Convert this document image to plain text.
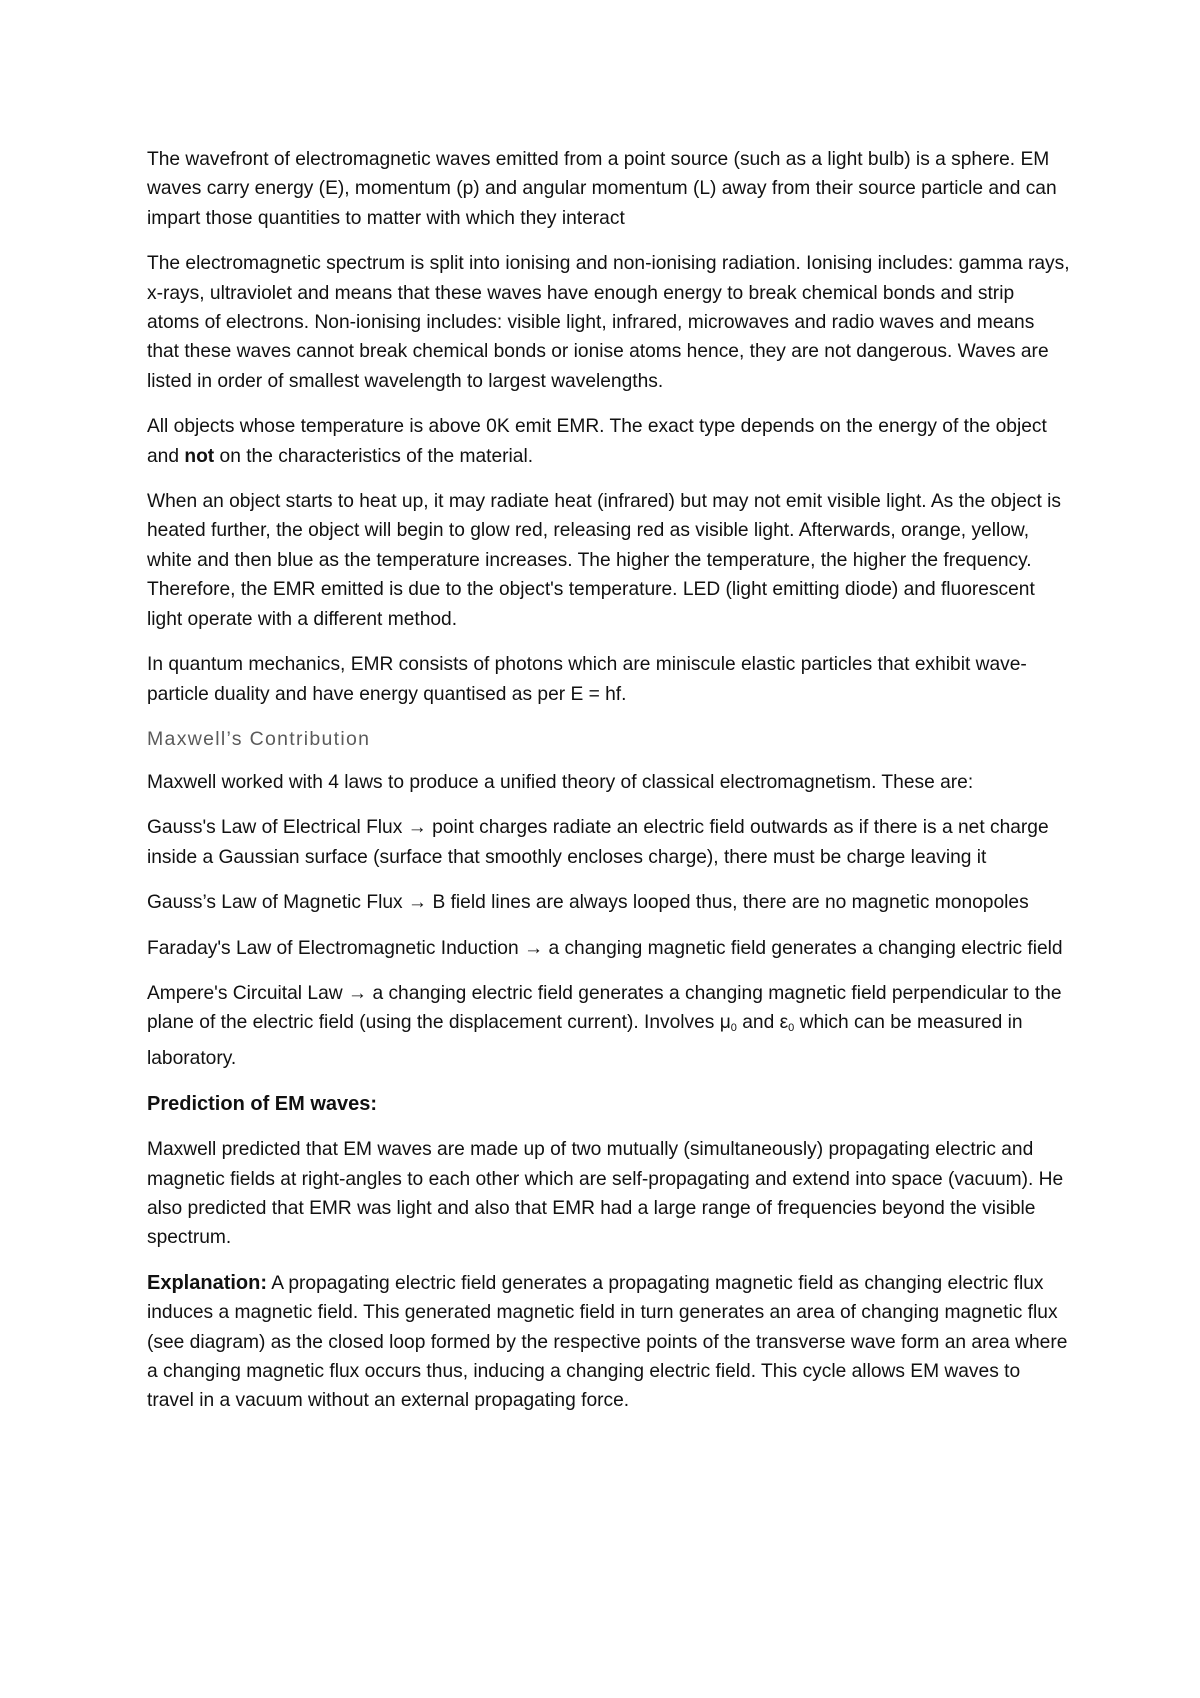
The wavefront of electromagnetic waves emitted from a point source (such as a light bulb) is a sphere. EM waves carry energy (E), momentum (p) and angular momentum (L) away from their source particle and can impart those quantities to matter with which they interact

The electromagnetic spectrum is split into ionising and non-ionising radiation. Ionising includes: gamma rays, x-rays, ultraviolet and means that these waves have enough energy to break chemical bonds and strip atoms of electrons. Non-ionising includes: visible light, infrared, microwaves and radio waves and means that these waves cannot break chemical bonds or ionise atoms hence, they are not dangerous. Waves are listed in order of smallest wavelength to largest wavelengths.

All objects whose temperature is above 0K emit EMR. The exact type depends on the energy of the object and not on the characteristics of the material.

When an object starts to heat up, it may radiate heat (infrared) but may not emit visible light. As the object is heated further, the object will begin to glow red, releasing red as visible light. Afterwards, orange, yellow, white and then blue as the temperature increases. The higher the temperature, the higher the frequency. Therefore, the EMR emitted is due to the object's temperature. LED (light emitting diode) and fluorescent light operate with a different method.

In quantum mechanics, EMR consists of photons which are miniscule elastic particles that exhibit wave-particle duality and have energy quantised as per E = hf.

Maxwell’s Contribution

Maxwell worked with 4 laws to produce a unified theory of classical electromagnetism. These are:

Gauss's Law of Electrical Flux → point charges radiate an electric field outwards as if there is a net charge inside a Gaussian surface (surface that smoothly encloses charge), there must be charge leaving it

Gauss’s Law of Magnetic Flux → B field lines are always looped thus, there are no magnetic monopoles

Faraday's Law of Electromagnetic Induction → a changing magnetic field generates a changing electric field

Ampere's Circuital Law → a changing electric field generates a changing magnetic field perpendicular to the plane of the electric field (using the displacement current). Involves $\mu_0$ and $\varepsilon_0$ which can be measured in laboratory.

Prediction of EM waves:

Maxwell predicted that EM waves are made up of two mutually (simultaneously) propagating electric and magnetic fields at right-angles to each other which are self-propagating and extend into space (vacuum). He also predicted that EMR was light and also that EMR had a large range of frequencies beyond the visible spectrum.

Explanation: A propagating electric field generates a propagating magnetic field as changing electric flux induces a magnetic field. This generated magnetic field in turn generates an area of changing magnetic flux (see diagram) as the closed loop formed by the respective points of the transverse wave form an area where a changing magnetic flux occurs thus, inducing a changing electric field. This cycle allows EM waves to travel in a vacuum without an external propagating force.
